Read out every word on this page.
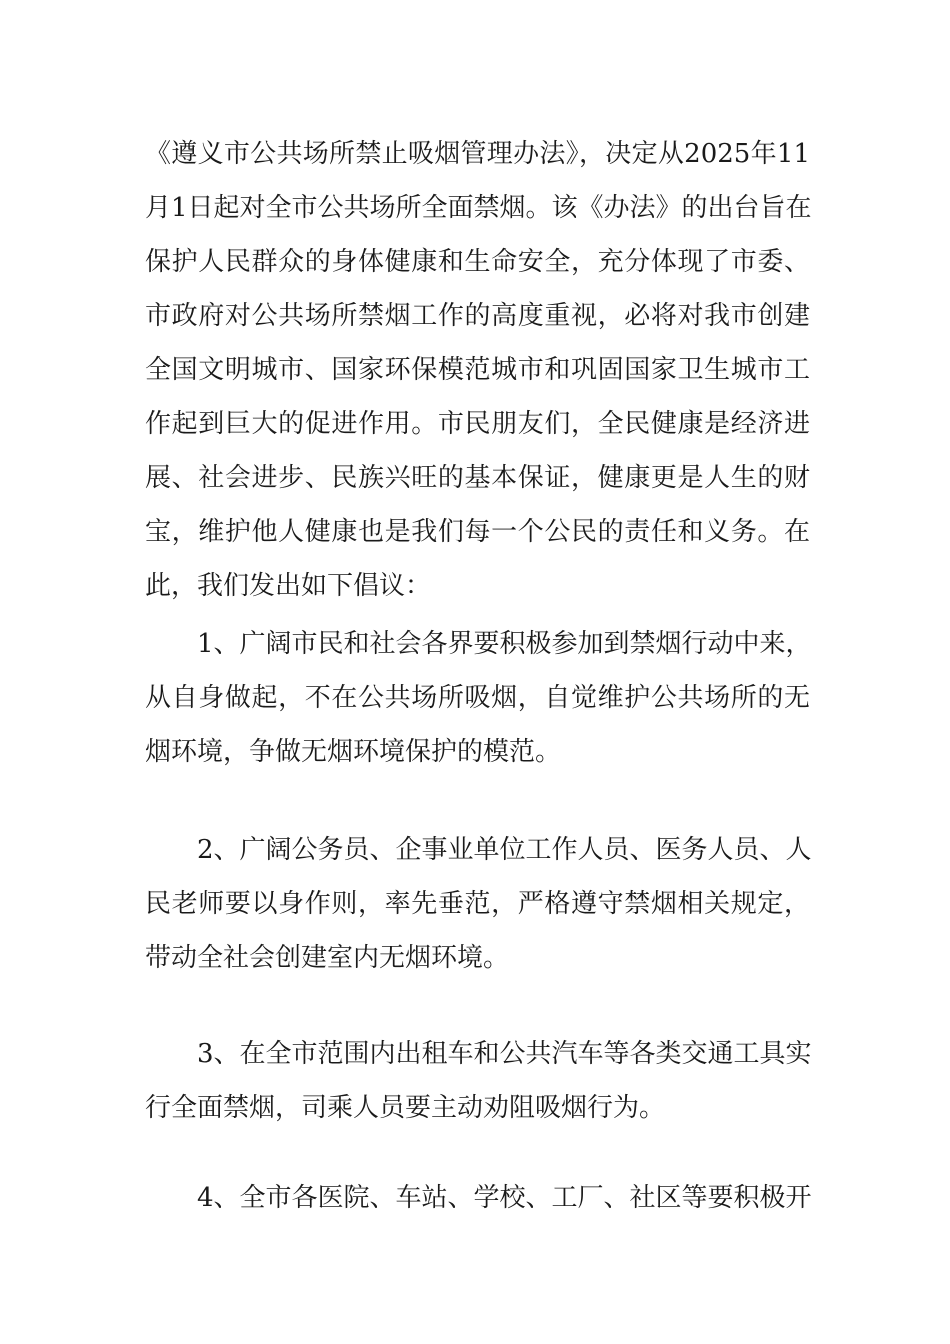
《遵义市公共场所禁止吸烟管理办法》，决定从2025年11
月1日起对全市公共场所全面禁烟。该《办法》的出台旨在
保护人民群众的身体健康和生命安全，充分体现了市委、
市政府对公共场所禁烟工作的高度重视，必将对我市创建
全国文明城市、国家环保模范城市和巩固国家卫生城市工
作起到巨大的促进作用。市民朋友们，全民健康是经济进
展、社会进步、民族兴旺的基本保证，健康更是人生的财
宝，维护他人健康也是我们每一个公民的责任和义务。在
此，我们发出如下倡议：
1、广阔市民和社会各界要积极参加到禁烟行动中来，
从自身做起，不在公共场所吸烟，自觉维护公共场所的无
烟环境，争做无烟环境保护的模范。
2、广阔公务员、企事业单位工作人员、医务人员、人
民老师要以身作则，率先垂范，严格遵守禁烟相关规定，
带动全社会创建室内无烟环境。
3、在全市范围内出租车和公共汽车等各类交通工具实
行全面禁烟，司乘人员要主动劝阻吸烟行为。
4、全市各医院、车站、学校、工厂、社区等要积极开
